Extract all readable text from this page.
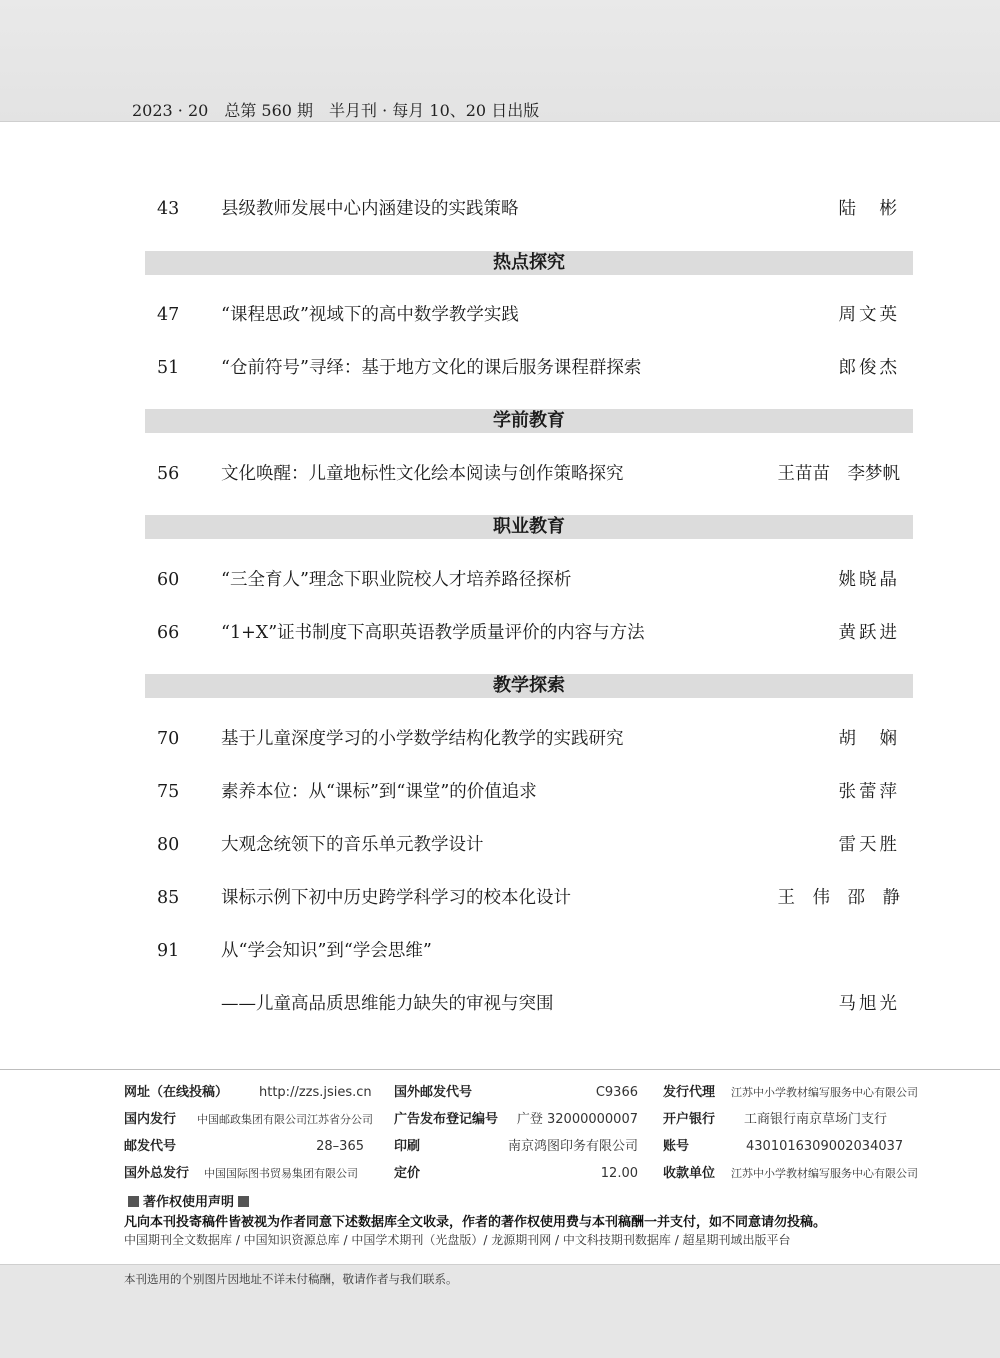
2023 · 20　总第 560 期　半月刊 · 每月 10、20 日出版
43 县级教师发展中心内涵建设的实践策略	陆　彬
热点探究
47 “课程思政”视域下的高中数学教学实践	周文英
51 “仓前符号”寻绎：基于地方文化的课后服务课程群探索	郎俊杰
学前教育
56 文化唤醒：儿童地标性文化绘本阅读与创作策略探究	王苗苗　李梦帆
职业教育
60 “三全育人”理念下职业院校人才培养路径探析	姚晓晶
66 “1+X”证书制度下高职英语教学质量评价的内容与方法	黄跃进
教学探索
70 基于儿童深度学习的小学数学结构化教学的实践研究	胡　娴
75 素养本位：从“课标”到“课堂”的价值追求	张蕾萍
80 大观念统领下的音乐单元教学设计	雷天胜
85 课标示例下初中历史跨学科学习的校本化设计	王　伟　邵　静
91 从“学会知识”到“学会思维”
——儿童高品质思维能力缺失的审视与突围	马旭光
网址（在线投稿） http://zzs.jsies.cn 国外邮发代号	C9366 发行代理 江苏中小学教材编写服务中心有限公司
国内发行 中国邮政集团有限公司江苏省分公司 广告发布登记编号 广登 32000000007 开户银行 工商银行南京草场门支行
邮发代号	28–365 印刷	南京鸿图印务有限公司 账号	4301016309002034037
国外总发行 中国国际图书贸易集团有限公司	定价	12.00 收款单位 江苏中小学教材编写服务中心有限公司
著作权使用声明
凡向本刊投寄稿件皆被视为作者同意下述数据库全文收录，作者的著作权使用费与本刊稿酬一并支付，如不同意请勿投稿。
中国期刊全文数据库 / 中国知识资源总库 / 中国学术期刊（光盘版）/ 龙源期刊网 / 中文科技期刊数据库 / 超星期刊域出版平台
本刊选用的个别图片因地址不详未付稿酬，敬请作者与我们联系。
